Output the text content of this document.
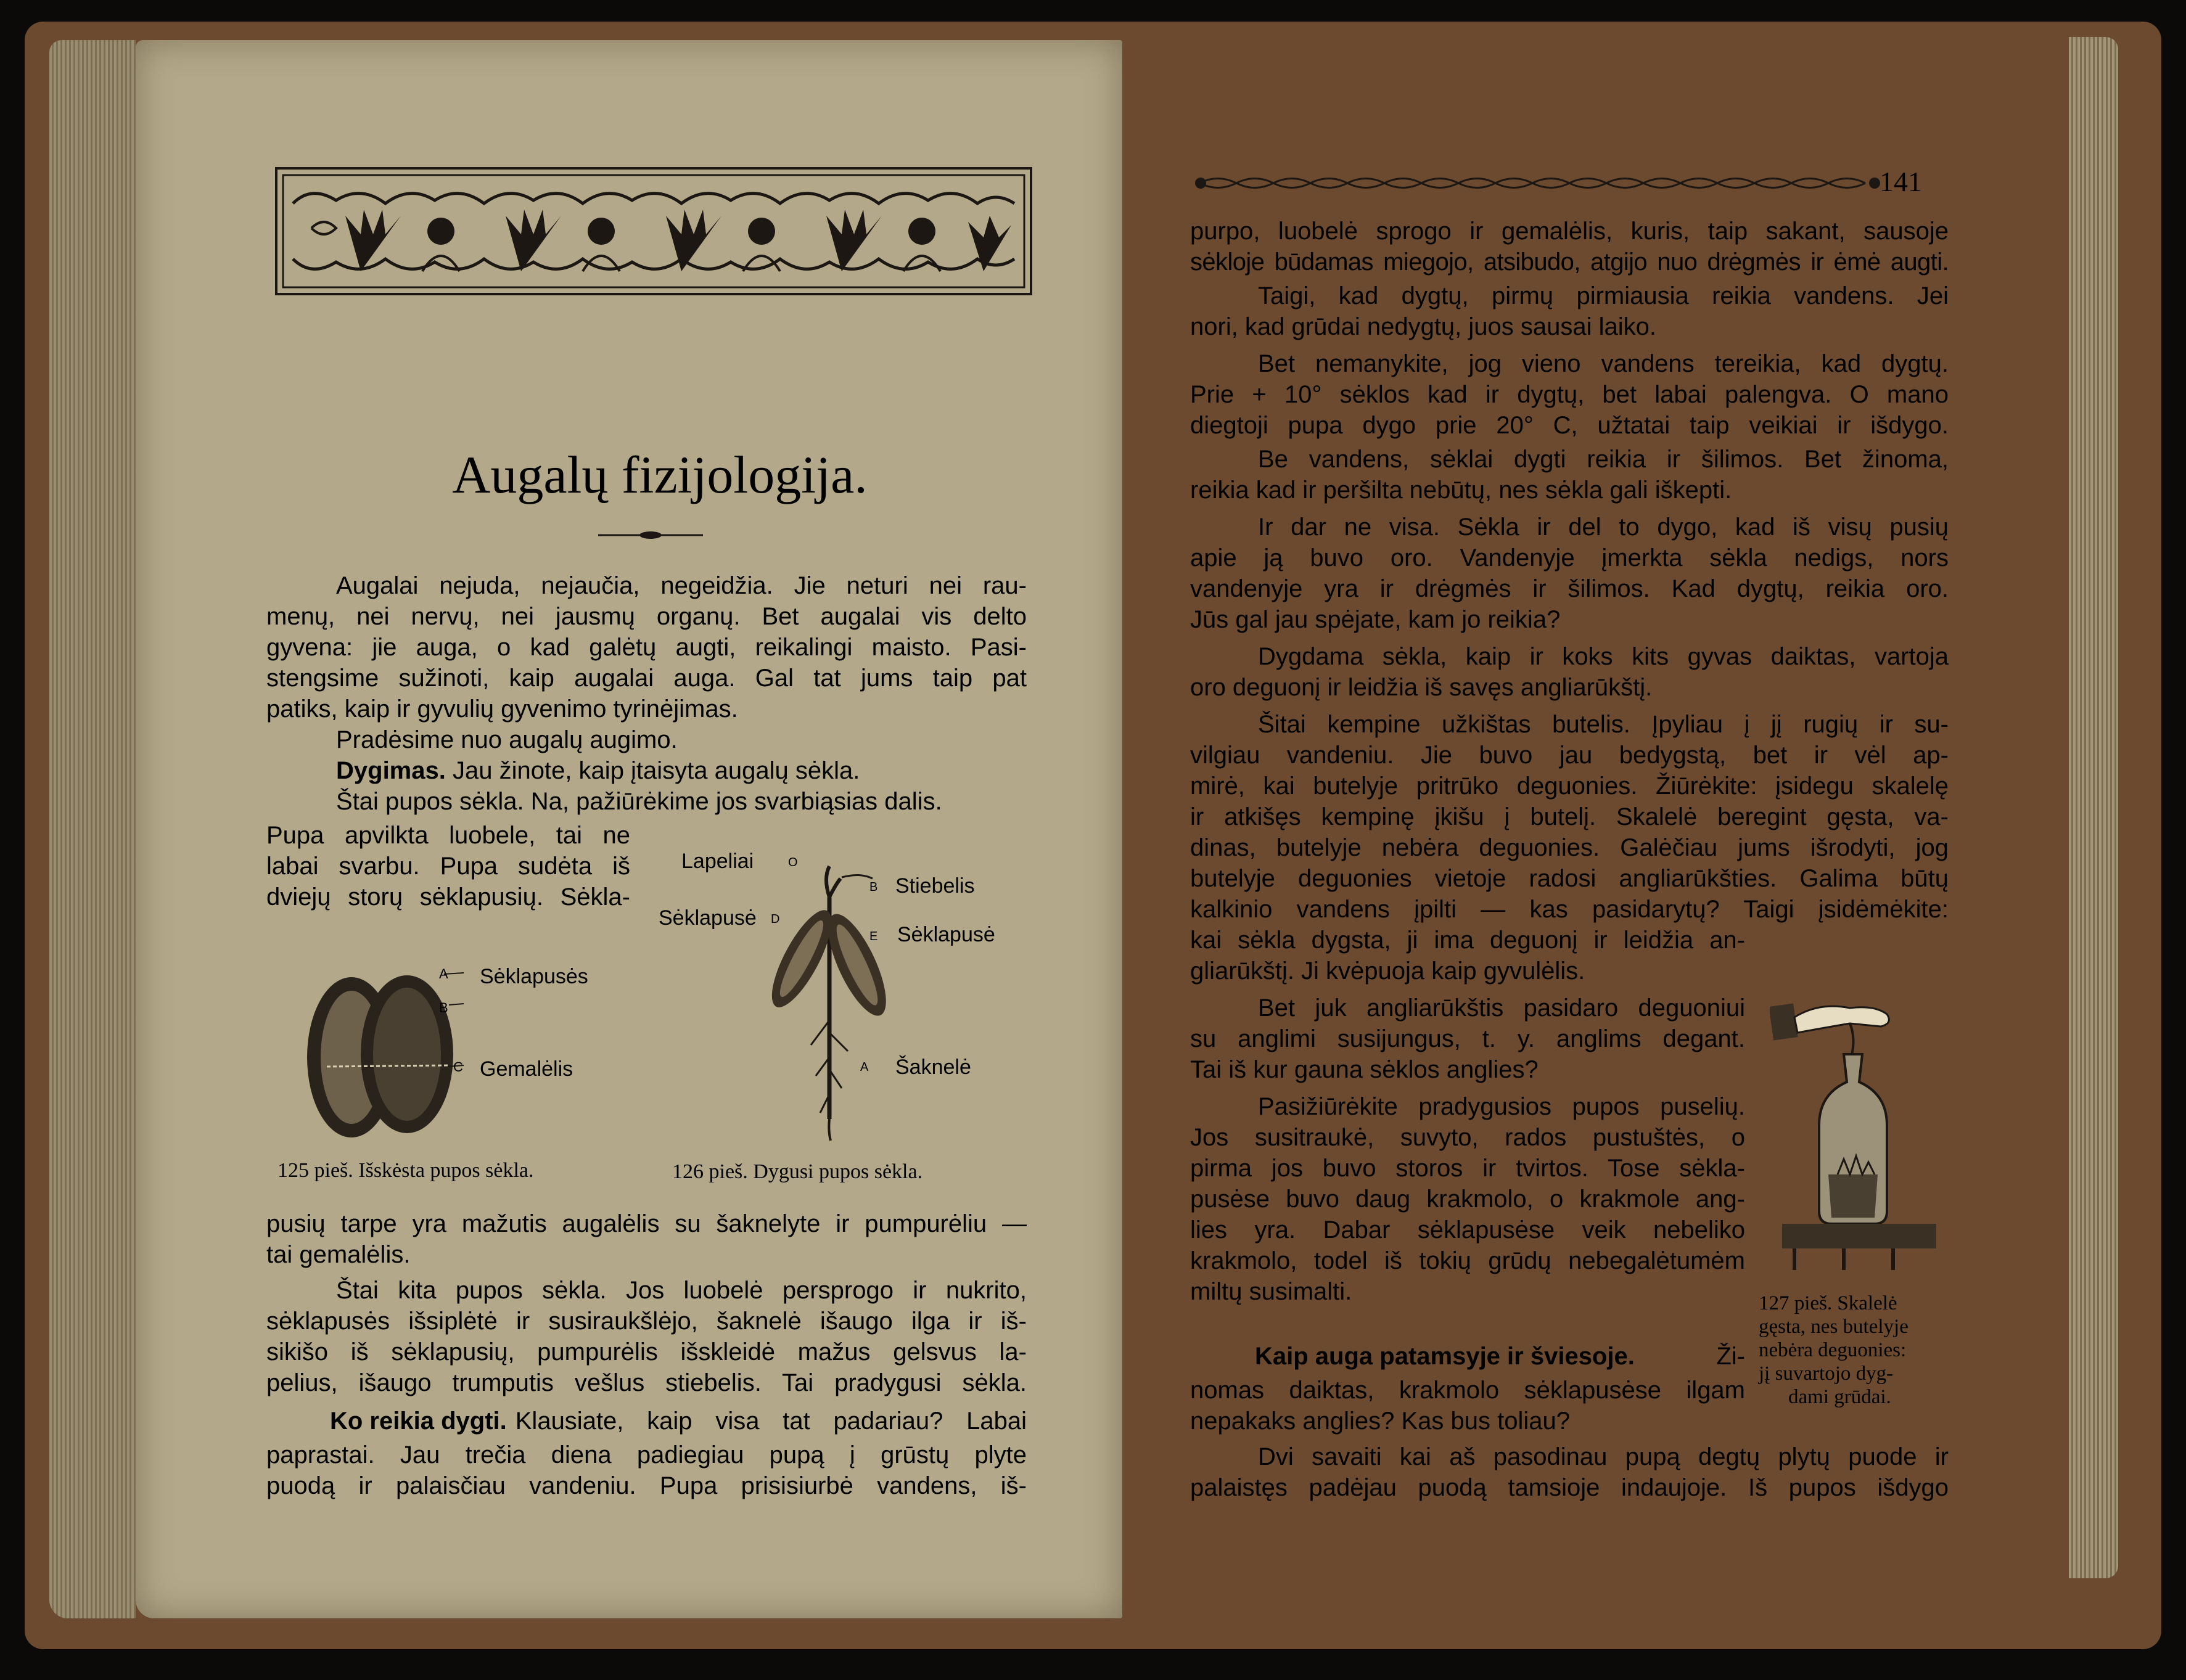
Augalų fizijologija.
Augalai nejuda, nejaučia, negeidžia. Jie neturi nei rau-
menų, nei nervų, nei jausmų organų. Bet augalai vis delto
gyvena: jie auga, o kad galėtų augti, reikalingi maisto. Pasi-
stengsime sužinoti, kaip augalai auga. Gal tat jums taip pat
patiks, kaip ir gyvulių gyvenimo tyrinėjimas.
Pradėsime nuo augalų augimo.
Dygimas. Jau žinote, kaip įtaisyta augalų sėkla.
Štai pupos sėkla. Na, pažiūrėkime jos svarbiąsias dalis.
Pupa apvilkta luobele, tai ne
labai svarbu. Pupa sudėta iš
dviejų storų sėklapusių. Sėkla-
A
B
C
Sėklapusės
Gemalėlis
125 pieš. Išskėsta pupos sėkla.
Lapeliai	O
B Stiebelis
Sėklapusė D
E Sėklapusė
A Šaknelė
126 pieš. Dygusi pupos sėkla.
pusių tarpe yra mažutis augalėlis su šaknelyte ir pumpurėliu —
tai gemalėlis.
Štai kita pupos sėkla. Jos luobelė persprogo ir nukrito,
sėklapusės išsiplėtė ir susiraukšlėjo, šaknelė išaugo ilga ir iš-
sikišo iš sėklapusių, pumpurėlis išskleidė mažus gelsvus la-
pelius, išaugo trumputis vešlus stiebelis. Tai pradygusi sėkla.
Ko reikia dygti. Klausiate, kaip visa tat padariau? Labai
paprastai. Jau trečia diena padiegiau pupą į grūstų plyte
puodą ir palaisčiau vandeniu. Pupa prisisiurbė vandens, iš-
141
purpo, luobelė sprogo ir gemalėlis, kuris, taip sakant, sausoje
sėkloje būdamas miegojo, atsibudo, atgijo nuo drėgmės ir ėmė augti.
Taigi, kad dygtų, pirmų pirmiausia reikia vandens. Jei
nori, kad grūdai nedygtų, juos sausai laiko.
Bet nemanykite, jog vieno vandens tereikia, kad dygtų.
Prie + 10° sėklos kad ir dygtų, bet labai palengva. O mano
diegtoji pupa dygo prie 20° C, užtatai taip veikiai ir išdygo.
Be vandens, sėklai dygti reikia ir šilimos. Bet žinoma,
reikia kad ir peršilta nebūtų, nes sėkla gali iškepti.
Ir dar ne visa. Sėkla ir del to dygo, kad iš visų pusių
apie ją buvo oro. Vandenyje įmerkta sėkla nedigs, nors
vandenyje yra ir drėgmės ir šilimos. Kad dygtų, reikia oro.
Jūs gal jau spėjate, kam jo reikia?
Dygdama sėkla, kaip ir koks kits gyvas daiktas, vartoja
oro deguonį ir leidžia iš savęs angliarūkštį.
Šitai kempine užkištas butelis. Įpyliau į jį rugių ir su-
vilgiau vandeniu. Jie buvo jau bedygstą, bet ir vėl ap-
mirė, kai butelyje pritrūko deguonies. Žiūrėkite: įsidegu skalelę
ir atkišęs kempinę įkišu į butelį. Skalelė beregint gęsta, va-
dinas, butelyje nebėra deguonies. Galėčiau jums išrodyti, jog
butelyje deguonies vietoje radosi angliarūkšties. Galima būtų
kalkinio vandens įpilti — kas pasidarytų? Taigi įsidėmėkite:
kai sėkla dygsta, ji ima deguonį ir leidžia an-
gliarūkštį. Ji kvėpuoja kaip gyvulėlis.
Bet juk angliarūkštis pasidaro deguoniui
su anglimi susijungus, t. y. anglims degant.
Tai iš kur gauna sėklos anglies?
Pasižiūrėkite pradygusios pupos puselių.
Jos susitraukė, suvyto, rados pustuštės, o
pirma jos buvo storos ir tvirtos. Tose sėkla-
pusėse buvo daug krakmolo, o krakmole ang-
lies yra. Dabar sėklapusėse veik nebeliko
krakmolo, todel iš tokių grūdų nebegalėtumėm
miltų susimalti.
Kaip auga patamsyje ir šviesoje.	Ži-
nomas daiktas, krakmolo sėklapusėse ilgam
nepakaks anglies? Kas bus toliau?
Dvi savaiti kai aš pasodinau pupą degtų plytų puode ir
palaistęs padėjau puodą tamsioje indaujoje. Iš pupos išdygo
127 pieš. Skalelė
gęsta, nes butelyje
nebėra deguonies:
jį suvartojo dyg-
dami grūdai.
